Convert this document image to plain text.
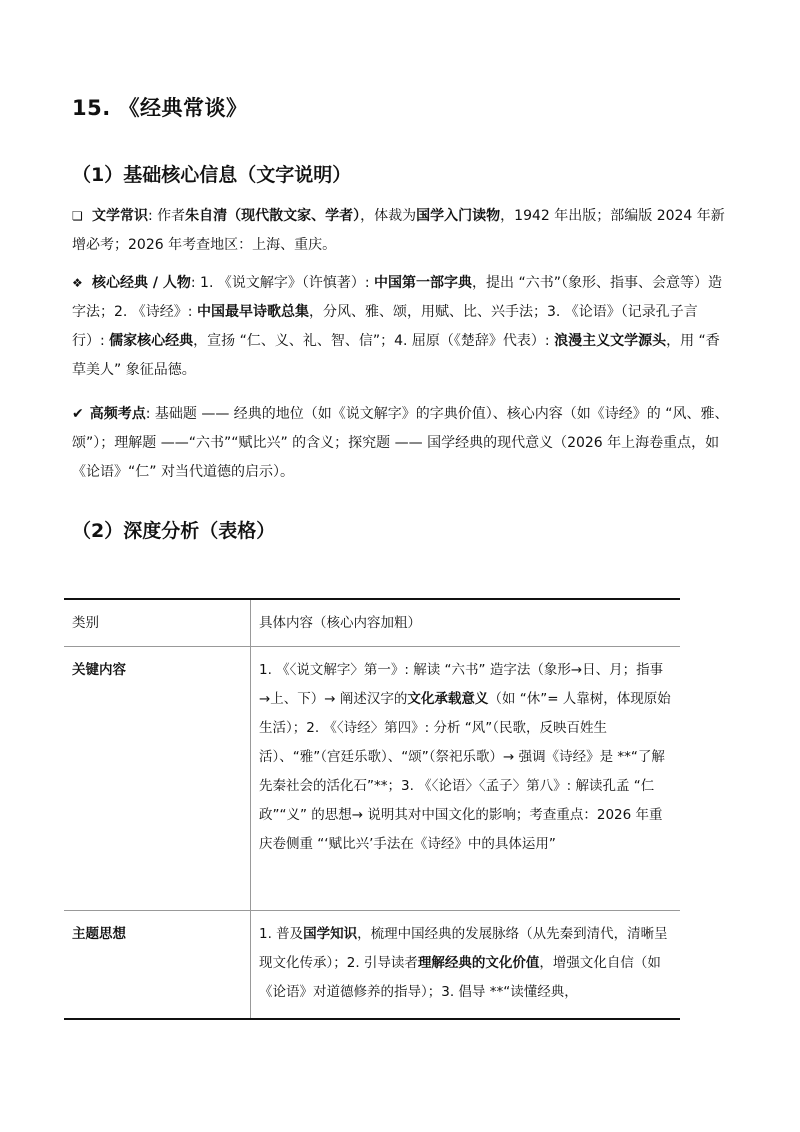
15. 《经典常谈》
（1）基础核心信息（文字说明）

❏ 文学常识: 作者朱自清（现代散文家、学者），体裁为国学入门读物，1942 年出版；部编版 2024 年新增必考；2026 年考查地区：上海、重庆。

❖ 核心经典 / 人物: 1. 《说文解字》（许慎著）: 中国第一部字典，提出 “六书”（象形、指事、会意等）造字法；2. 《诗经》: 中国最早诗歌总集，分风、雅、颂，用赋、比、兴手法；3. 《论语》（记录孔子言行）: 儒家核心经典，宣扬 “仁、义、礼、智、信”；4. 屈原（《楚辞》代表）: 浪漫主义文学源头，用 “香草美人” 象征品德。

✔ 高频考点: 基础题 —— 经典的地位（如《说文解字》的字典价值）、核心内容（如《诗经》的 “风、雅、颂”）；理解题 ——“六书”“赋比兴” 的含义；探究题 —— 国学经典的现代意义（2026 年上海卷重点，如《论语》“仁” 对当代道德的启示）。

（2）深度分析（表格）
类别	具体内容（核心内容加粗）
关键内容	1. 《〈说文解字〉第一》: 解读 “六书” 造字法（象形→日、月；指事→上、下）→ 阐述汉字的文化承载意义（如 “休”= 人靠树，体现原始生活）；2. 《〈诗经〉第四》: 分析 “风”（民歌，反映百姓生活）、“雅”（宫廷乐歌）、“颂”（祭祀乐歌）→ 强调《诗经》是 **“了解先秦社会的活化石”**；3. 《〈论语〉〈孟子〉第八》: 解读孔孟 “仁政”“义” 的思想→ 说明其对中国文化的影响；考查重点：2026 年重庆卷侧重 “‘赋比兴’手法在《诗经》中的具体运用”
主题思想	1. 普及国学知识，梳理中国经典的发展脉络（从先秦到清代，清晰呈现文化传承）；2. 引导读者理解经典的文化价值，增强文化自信（如《论语》对道德修养的指导）；3. 倡导 **“读懂经典，
